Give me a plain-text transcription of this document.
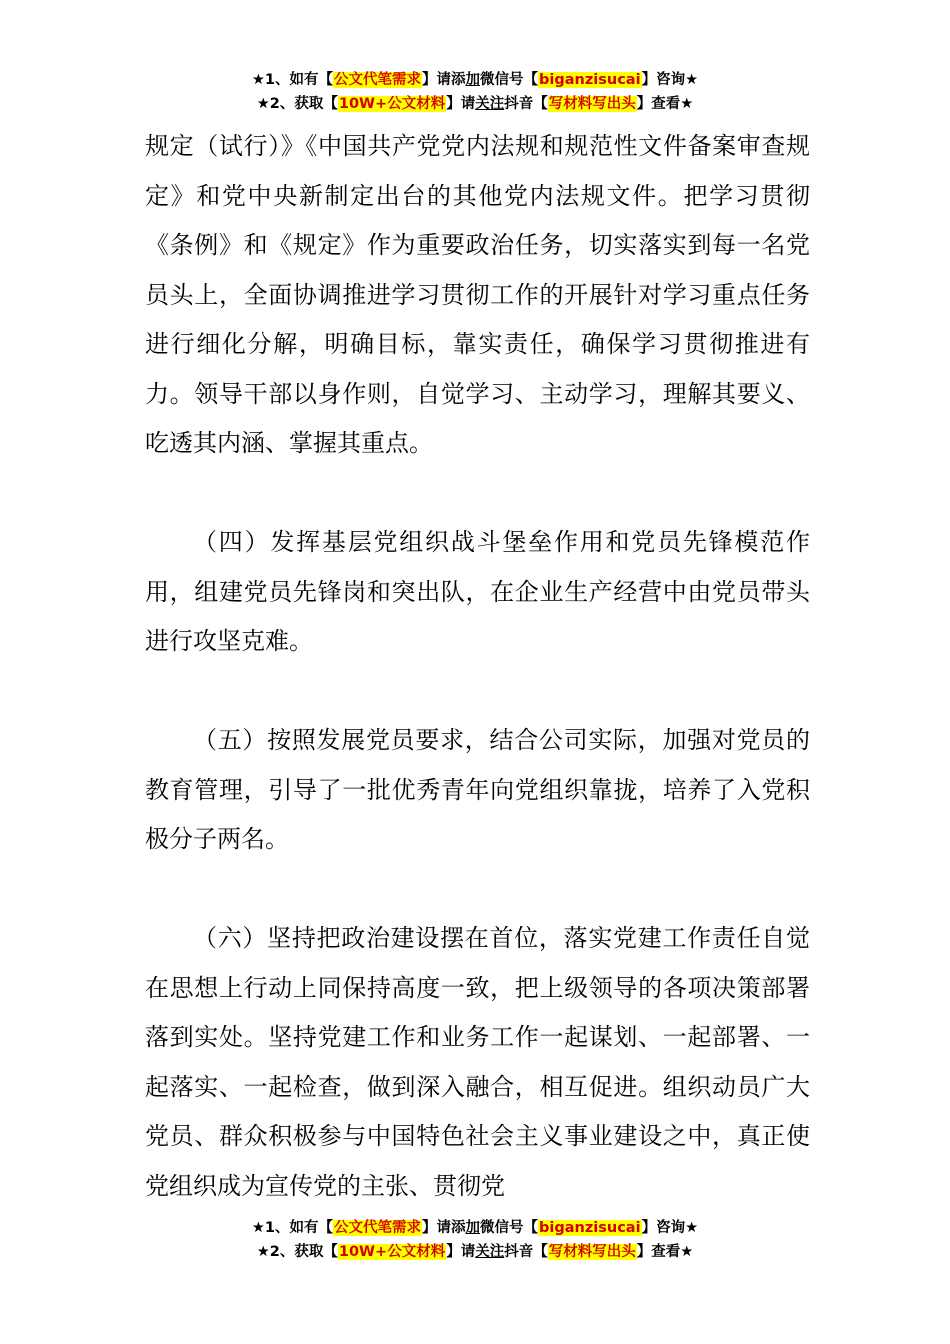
★1、如有【公文代笔需求】请添加微信号【biganzisucai】咨询★
★2、获取【10W+公文材料】请关注抖音【写材料写出头】查看★

规定（试行）》《中国共产党党内法规和规范性文件备案审查规定》和党中央新制定出台的其他党内法规文件。把学习贯彻《条例》和《规定》作为重要政治任务，切实落实到每一名党员头上，全面协调推进学习贯彻工作的开展针对学习重点任务进行细化分解，明确目标，靠实责任，确保学习贯彻推进有力。领导干部以身作则，自觉学习、主动学习，理解其要义、吃透其内涵、掌握其重点。

（四）发挥基层党组织战斗堡垒作用和党员先锋模范作用，组建党员先锋岗和突出队，在企业生产经营中由党员带头进行攻坚克难。

（五）按照发展党员要求，结合公司实际，加强对党员的教育管理，引导了一批优秀青年向党组织靠拢，培养了入党积极分子两名。

（六）坚持把政治建设摆在首位，落实党建工作责任自觉在思想上行动上同保持高度一致，把上级领导的各项决策部署落到实处。坚持党建工作和业务工作一起谋划、一起部署、一起落实、一起检查，做到深入融合，相互促进。组织动员广大党员、群众积极参与中国特色社会主义事业建设之中，真正使党组织成为宣传党的主张、贯彻党

★1、如有【公文代笔需求】请添加微信号【biganzisucai】咨询★
★2、获取【10W+公文材料】请关注抖音【写材料写出头】查看★
